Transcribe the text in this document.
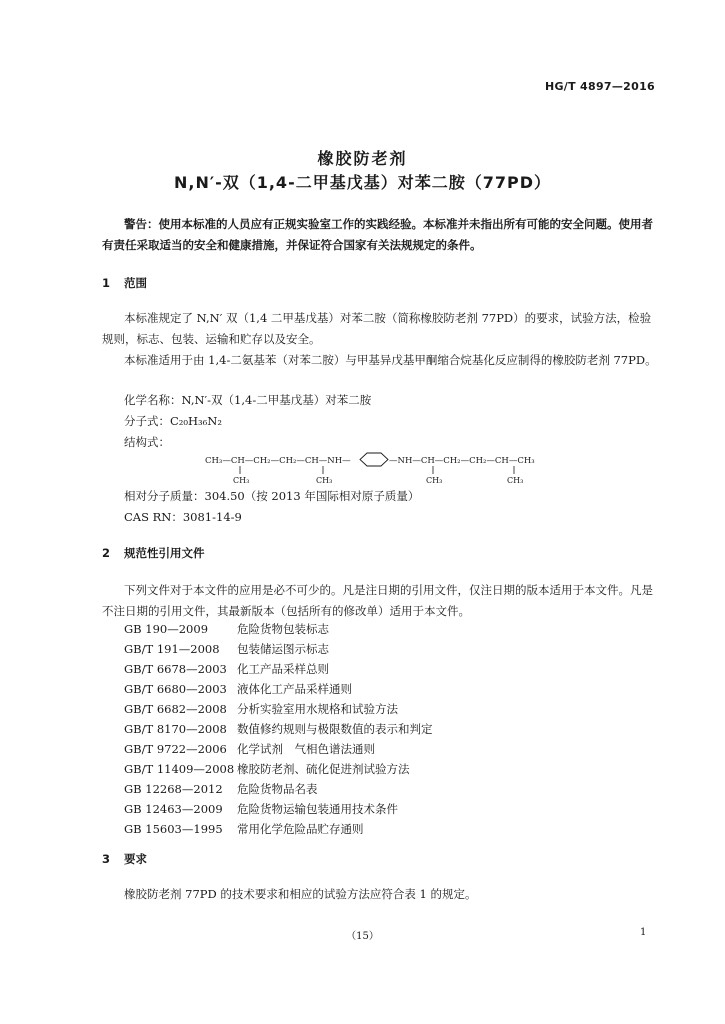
HG/T 4897—2016
橡胶防老剂
N,N′-双（1,4-二甲基戊基）对苯二胺（77PD）
警告：使用本标准的人员应有正规实验室工作的实践经验。本标准并未指出所有可能的安全问题。使用者有责任采取适当的安全和健康措施，并保证符合国家有关法规规定的条件。
1 范围
本标准规定了 N,N′ 双（1,4 二甲基戊基）对苯二胺（简称橡胶防老剂 77PD）的要求，试验方法，检验规则，标志、包装、运输和贮存以及安全。
本标准适用于由 1,4-二氨基苯（对苯二胺）与甲基异戊基甲酮缩合烷基化反应制得的橡胶防老剂 77PD。
化学名称：N,N′-双（1,4-二甲基戊基）对苯二胺
分子式：C₂₀H₃₆N₂
结构式：
CH₃—CH—CH₂—CH₂—CH—NH—	—NH—CH—CH₂—CH₂—CH—CH₃
CH₃	CH₃	CH₃	CH₃
相对分子质量：304.50（按 2013 年国际相对原子质量）
CAS RN：3081-14-9
2 规范性引用文件
下列文件对于本文件的应用是必不可少的。凡是注日期的引用文件，仅注日期的版本适用于本文件。凡是不注日期的引用文件，其最新版本（包括所有的修改单）适用于本文件。
GB 190—2009	危险货物包装标志
GB/T 191—2008 包装储运图示标志
GB/T 6678—2003 化工产品采样总则
GB/T 6680—2003 液体化工产品采样通则
GB/T 6682—2008 分析实验室用水规格和试验方法
GB/T 8170—2008 数值修约规则与极限数值的表示和判定
GB/T 9722—2006 化学试剂　气相色谱法通则
GB/T 11409—2008 橡胶防老剂、硫化促进剂试验方法
GB 12268—2012 危险货物品名表
GB 12463—2009 危险货物运输包装通用技术条件
GB 15603—1995 常用化学危险品贮存通则
3 要求
橡胶防老剂 77PD 的技术要求和相应的试验方法应符合表 1 的规定。
（15）	1
